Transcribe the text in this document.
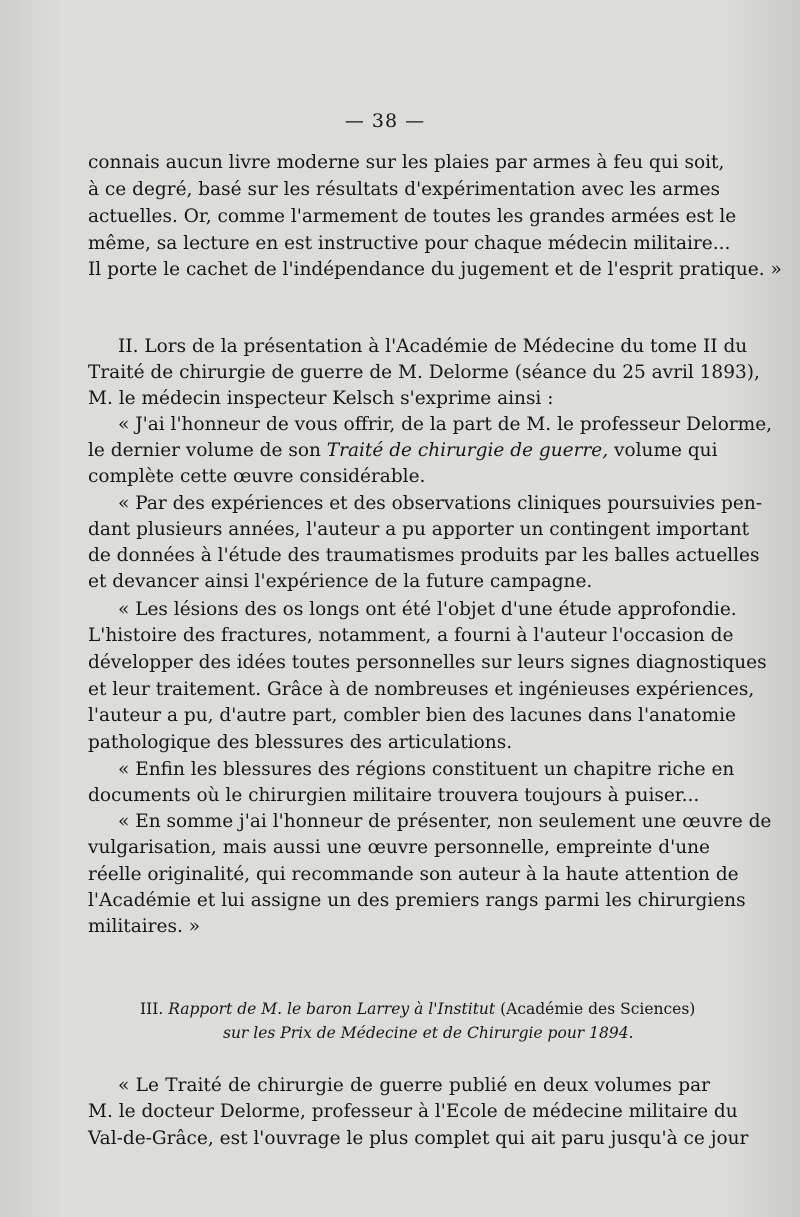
— 38 —
connais aucun livre moderne sur les plaies par armes à feu qui soit,
à ce degré, basé sur les résultats d'expérimentation avec les armes
actuelles. Or, comme l'armement de toutes les grandes armées est le
même, sa lecture en est instructive pour chaque médecin militaire...
Il porte le cachet de l'indépendance du jugement et de l'esprit pratique. »
II. Lors de la présentation à l'Académie de Médecine du tome II du
Traité de chirurgie de guerre de M. Delorme (séance du 25 avril 1893),
M. le médecin inspecteur Kelsch s'exprime ainsi :
« J'ai l'honneur de vous offrir, de la part de M. le professeur Delorme,
le dernier volume de son Traité de chirurgie de guerre, volume qui
complète cette œuvre considérable.
« Par des expériences et des observations cliniques poursuivies pen-
dant plusieurs années, l'auteur a pu apporter un contingent important
de données à l'étude des traumatismes produits par les balles actuelles
et devancer ainsi l'expérience de la future campagne.
« Les lésions des os longs ont été l'objet d'une étude approfondie.
L'histoire des fractures, notamment, a fourni à l'auteur l'occasion de
développer des idées toutes personnelles sur leurs signes diagnostiques
et leur traitement. Grâce à de nombreuses et ingénieuses expériences,
l'auteur a pu, d'autre part, combler bien des lacunes dans l'anatomie
pathologique des blessures des articulations.
« Enfin les blessures des régions constituent un chapitre riche en
documents où le chirurgien militaire trouvera toujours à puiser...
« En somme j'ai l'honneur de présenter, non seulement une œuvre de
vulgarisation, mais aussi une œuvre personnelle, empreinte d'une
réelle originalité, qui recommande son auteur à la haute attention de
l'Académie et lui assigne un des premiers rangs parmi les chirurgiens
militaires. »
III. Rapport de M. le baron Larrey à l'Institut (Académie des Sciences)
sur les Prix de Médecine et de Chirurgie pour 1894.
« Le Traité de chirurgie de guerre publié en deux volumes par
M. le docteur Delorme, professeur à l'Ecole de médecine militaire du
Val-de-Grâce, est l'ouvrage le plus complet qui ait paru jusqu'à ce jour
